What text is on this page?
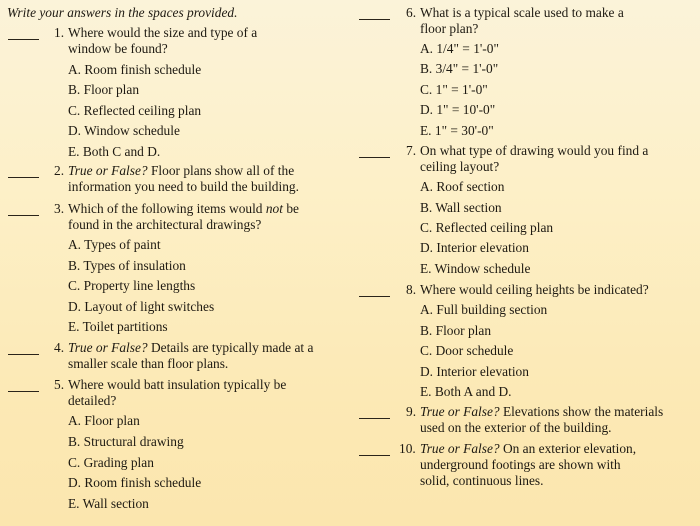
Write your answers in the spaces provided.
1. Where would the size and type of a
window be found?
A. Room finish schedule
B. Floor plan
C. Reflected ceiling plan
D. Window schedule
E. Both C and D.
2. True or False? Floor plans show all of the
information you need to build the building.
3. Which of the following items would not be
found in the architectural drawings?
A. Types of paint
B. Types of insulation
C. Property line lengths
D. Layout of light switches
E. Toilet partitions
4. True or False? Details are typically made at a
smaller scale than floor plans.
5. Where would batt insulation typically be
detailed?
A. Floor plan
B. Structural drawing
C. Grading plan
D. Room finish schedule
E. Wall section
6. What is a typical scale used to make a
floor plan?
A. 1/4" = 1'-0"
B. 3/4" = 1'-0"
C. 1" = 1'-0"
D. 1" = 10'-0"
E. 1" = 30'-0"
7. On what type of drawing would you find a
ceiling layout?
A. Roof section
B. Wall section
C. Reflected ceiling plan
D. Interior elevation
E. Window schedule
8. Where would ceiling heights be indicated?
A. Full building section
B. Floor plan
C. Door schedule
D. Interior elevation
E. Both A and D.
9. True or False? Elevations show the materials
used on the exterior of the building.
10. True or False? On an exterior elevation,
underground footings are shown with
solid, continuous lines.
